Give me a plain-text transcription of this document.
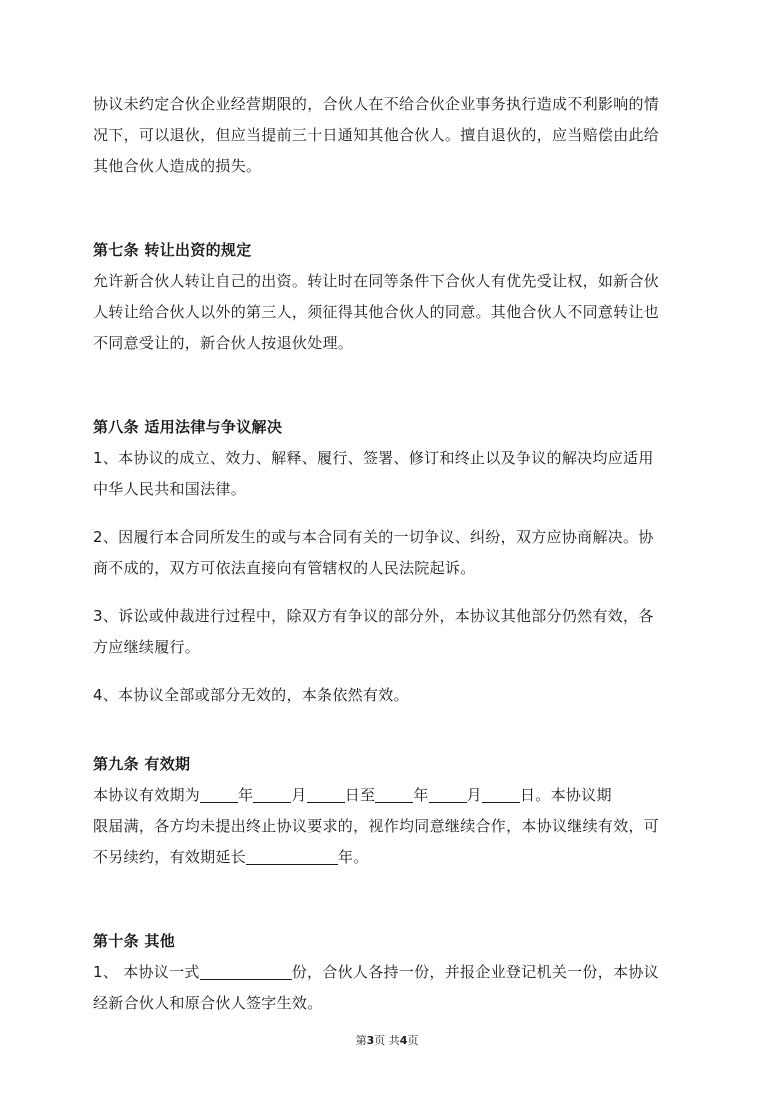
协议未约定合伙企业经营期限的，合伙人在不给合伙企业事务执行造成不利影响的情

况下，可以退伙，但应当提前三十日通知其他合伙人。擅自退伙的，应当赔偿由此给

其他合伙人造成的损失。

第七条 转让出资的规定

允许新合伙人转让自己的出资。转让时在同等条件下合伙人有优先受让权，如新合伙

人转让给合伙人以外的第三人，须征得其他合伙人的同意。其他合伙人不同意转让也

不同意受让的，新合伙人按退伙处理。

第八条 适用法律与争议解决

1、本协议的成立、效力、解释、履行、签署、修订和终止以及争议的解决均应适用

中华人民共和国法律。

2、因履行本合同所发生的或与本合同有关的一切争议、纠纷，双方应协商解决。协

商不成的，双方可依法直接向有管辖权的人民法院起诉。

3、诉讼或仲裁进行过程中，除双方有争议的部分外，本协议其他部分仍然有效，各

方应继续履行。

4、本协议全部或部分无效的，本条依然有效。

第九条 有效期

本协议有效期为	年	月	日至	年	月	日。本协议期

限届满，各方均未提出终止协议要求的，视作均同意继续合作，本协议继续有效，可

不另续约，有效期延长	年。

第十条 其他

1、 本协议一式	份，合伙人各持一份，并报企业登记机关一份，本协议

经新合伙人和原合伙人签字生效。

第3页 共4页
